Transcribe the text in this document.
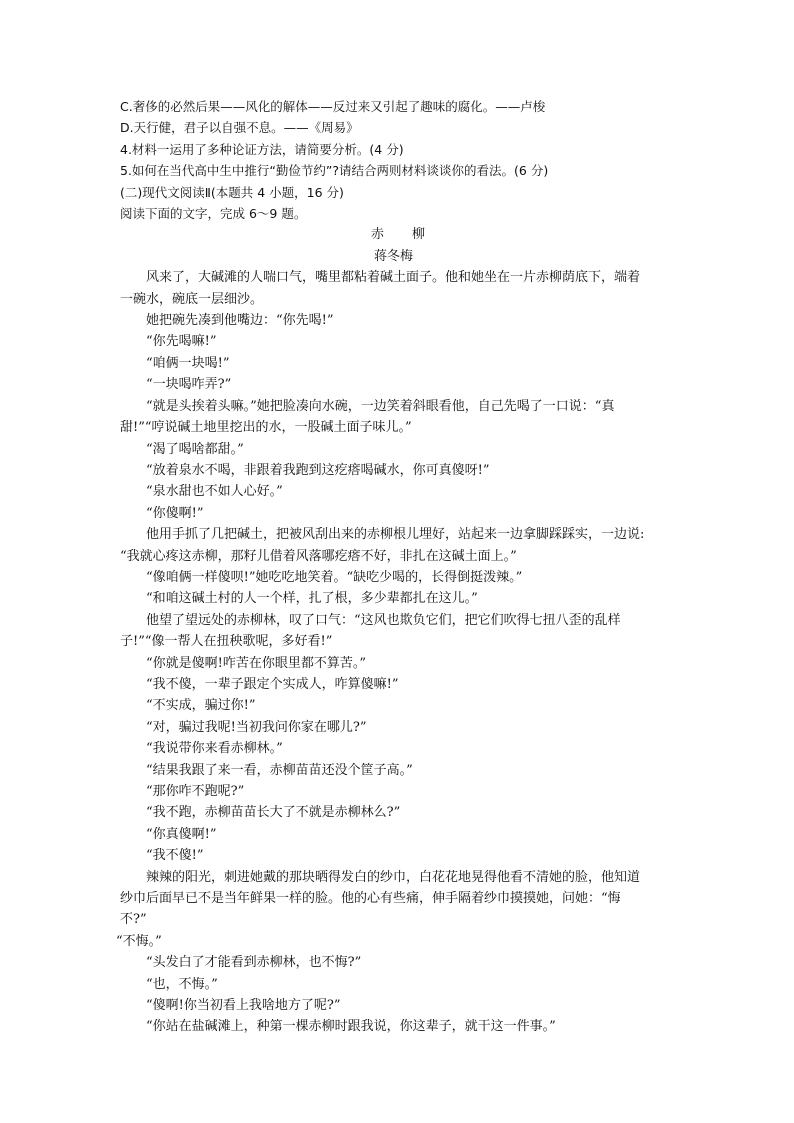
C.奢侈的必然后果——风化的解体——反过来又引起了趣味的腐化。——卢梭

D.天行健，君子以自强不息。——《周易》

4.材料一运用了多种论证方法，请简要分析。(4 分)

5.如何在当代高中生中推行“勤俭节约”?请结合两则材料谈谈你的看法。(6 分)

(二)现代文阅读Ⅱ(本题共 4 小题，16 分)

阅读下面的文字，完成 6～9 题。

赤 柳

蒋冬梅

风来了，大碱滩的人喘口气，嘴里都粘着碱土面子。他和她坐在一片赤柳荫底下，端着

一碗水，碗底一层细沙。

她把碗先凑到他嘴边：“你先喝!”

“你先喝嘛!”

“咱俩一块喝!”

“一块喝咋弄?”

“就是头挨着头嘛。”她把脸凑向水碗，一边笑着斜眼看他，自己先喝了一口说：“真

甜!”“哼说碱土地里挖出的水，一股碱土面子味儿。”

“渴了喝啥都甜。”

“放着泉水不喝，非跟着我跑到这疙瘩喝碱水，你可真傻呀!”

“泉水甜也不如人心好。”

“你傻啊!”

他用手抓了几把碱土，把被风刮出来的赤柳根儿埋好，站起来一边拿脚踩踩实，一边说:

“我就心疼这赤柳，那籽儿借着风落哪疙瘩不好，非扎在这碱土面上。”

“像咱俩一样傻呗!”她吃吃地笑着。“缺吃少喝的，长得倒挺泼辣。”

“和咱这碱土村的人一个样，扎了根，多少辈都扎在这儿。”

他望了望远处的赤柳林，叹了口气：“这风也欺负它们，把它们吹得七扭八歪的乱样

子!”“像一帮人在扭秧歌呢，多好看!”

“你就是傻啊!咋苦在你眼里都不算苦。”

“我不傻，一辈子跟定个实成人，咋算傻嘛!”

“不实成，骗过你!”

“对，骗过我呢!当初我问你家在哪儿?”

“我说带你来看赤柳林。”

“结果我跟了来一看，赤柳苗苗还没个筐子高。”

“那你咋不跑呢?”

“我不跑，赤柳苗苗长大了不就是赤柳林么?”

“你真傻啊!”

“我不傻!”

辣辣的阳光，刺进她戴的那块晒得发白的纱巾，白花花地晃得他看不清她的脸，他知道

纱巾后面早已不是当年鲜果一样的脸。他的心有些痛，伸手隔着纱巾摸摸她，问她：“悔

不?”

“不悔。”

“头发白了才能看到赤柳林，也不悔?”

“也，不悔。”

“傻啊!你当初看上我啥地方了呢?”

“你站在盐碱滩上，种第一棵赤柳时跟我说，你这辈子，就干这一件事。”
